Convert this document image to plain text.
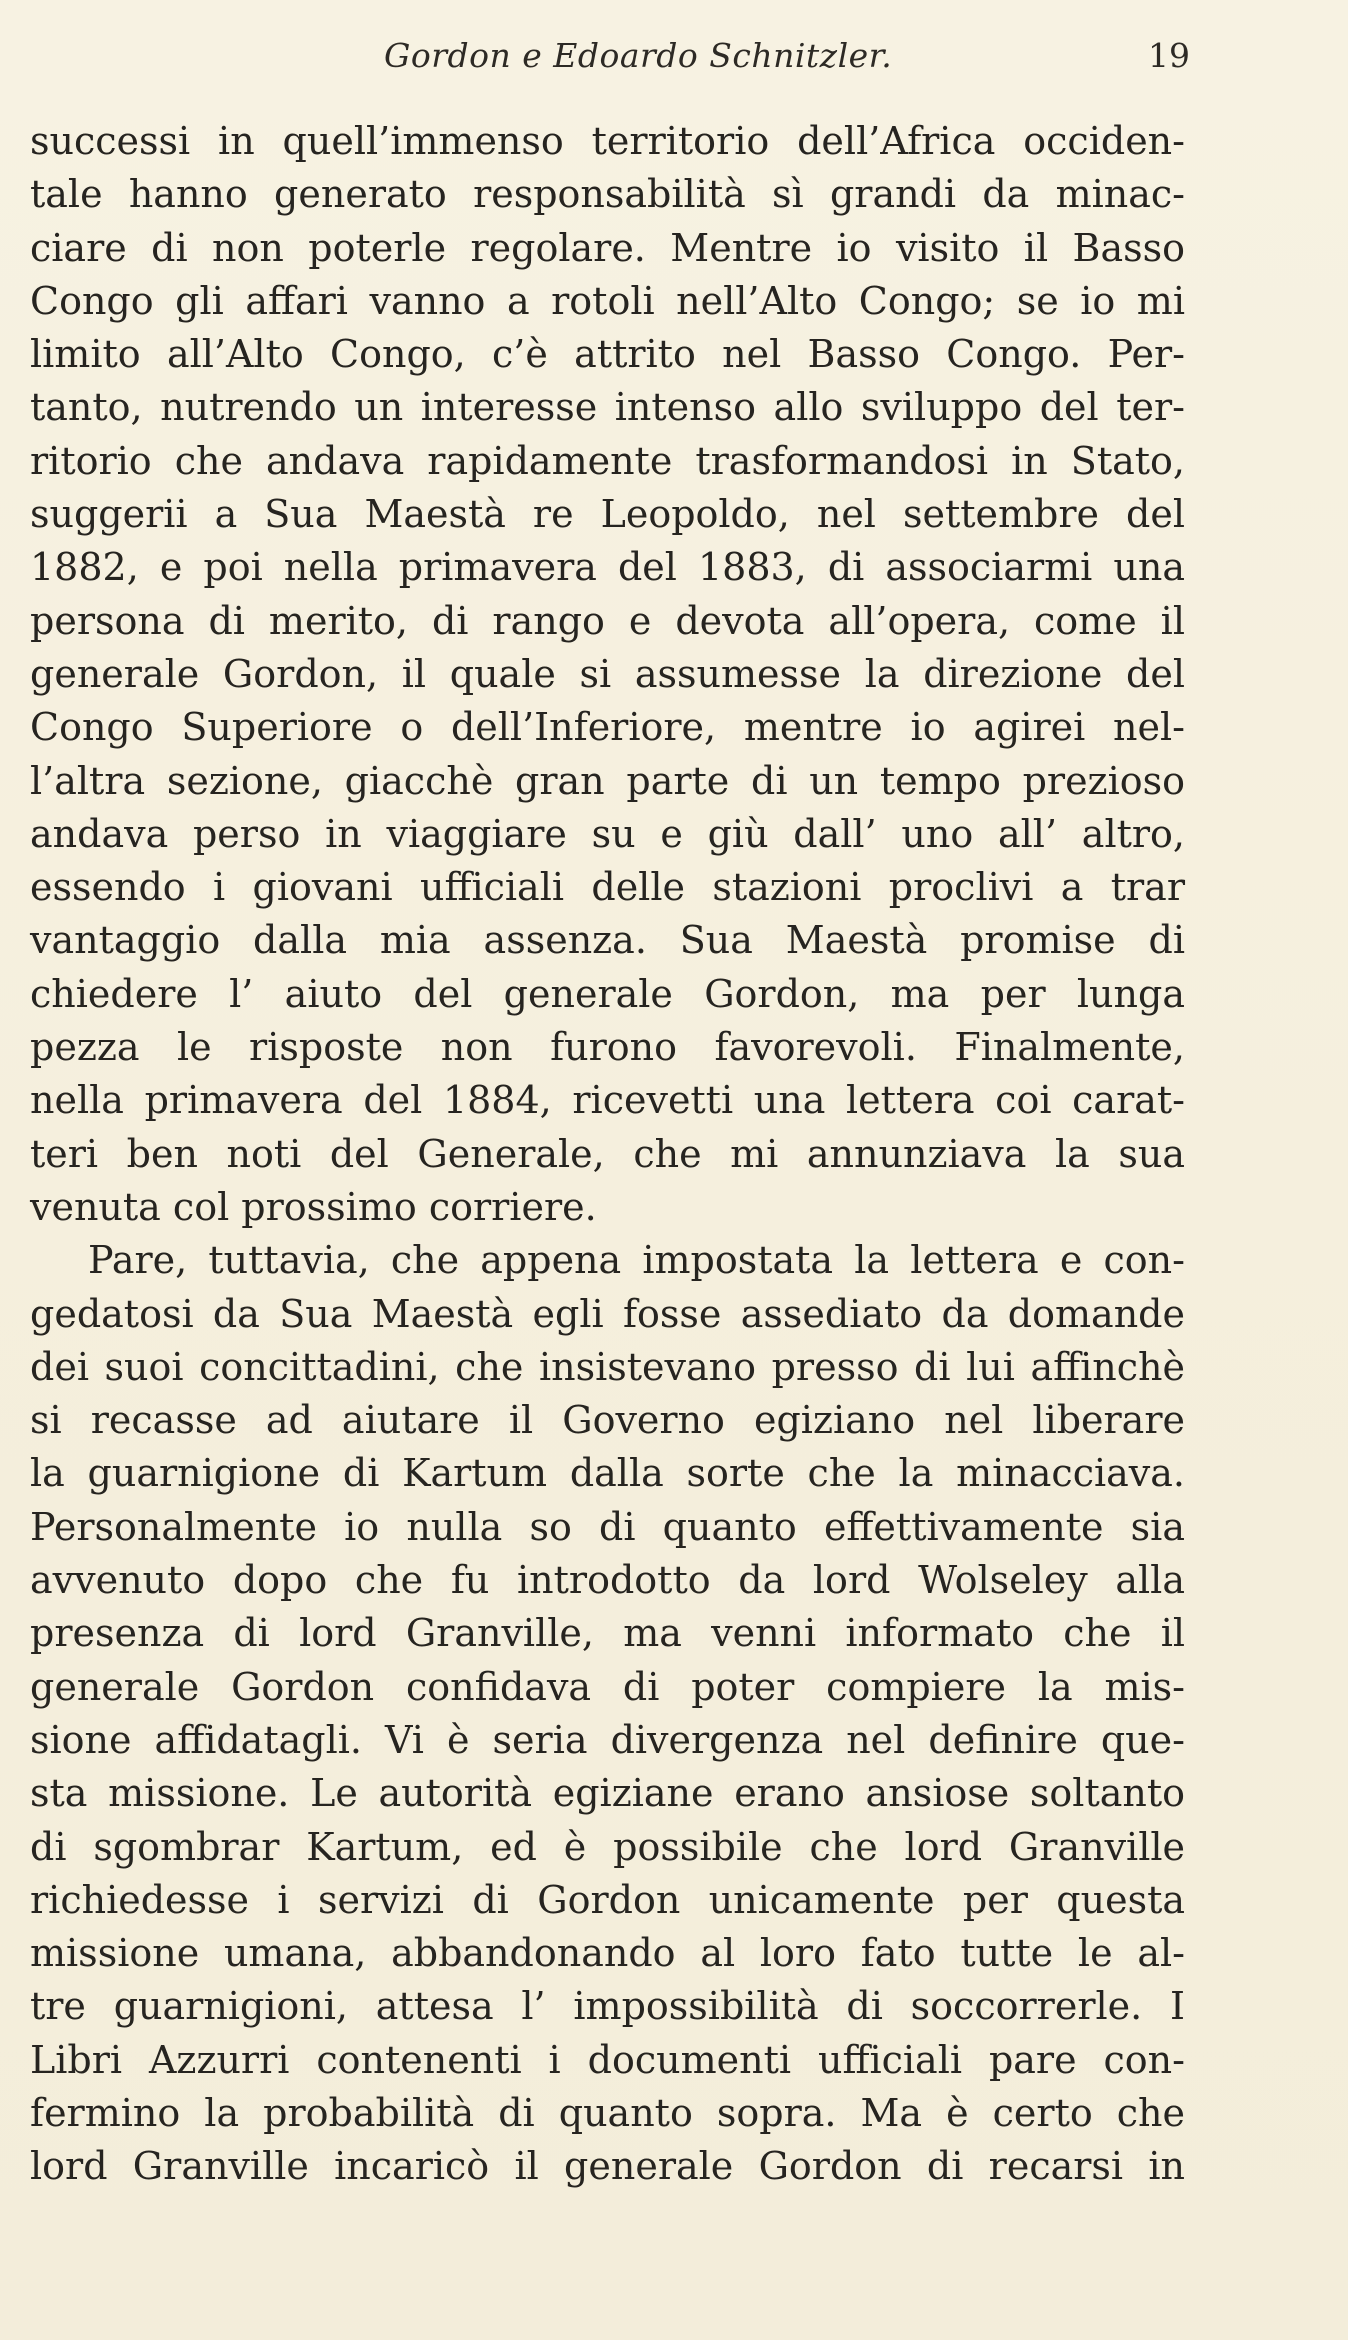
Gordon e Edoardo Schnitzler.	19
successi in quell’immenso territorio dell’Africa occiden-
tale hanno generato responsabilità sì grandi da minac-
ciare di non poterle regolare. Mentre io visito il Basso
Congo gli affari vanno a rotoli nell’Alto Congo; se io mi
limito all’Alto Congo, c’è attrito nel Basso Congo. Per-
tanto, nutrendo un interesse intenso allo sviluppo del ter-
ritorio che andava rapidamente trasformandosi in Stato,
suggerii a Sua Maestà re Leopoldo, nel settembre del
1882, e poi nella primavera del 1883, di associarmi una
persona di merito, di rango e devota all’opera, come il
generale Gordon, il quale si assumesse la direzione del
Congo Superiore o dell’Inferiore, mentre io agirei nel-
l’altra sezione, giacchè gran parte di un tempo prezioso
andava perso in viaggiare su e giù dall’ uno all’ altro,
essendo i giovani ufficiali delle stazioni proclivi a trar
vantaggio dalla mia assenza. Sua Maestà promise di
chiedere l’ aiuto del generale Gordon, ma per lunga
pezza le risposte non furono favorevoli. Finalmente,
nella primavera del 1884, ricevetti una lettera coi carat-
teri ben noti del Generale, che mi annunziava la sua
venuta col prossimo corriere.
Pare, tuttavia, che appena impostata la lettera e con-
gedatosi da Sua Maestà egli fosse assediato da domande
dei suoi concittadini, che insistevano presso di lui affinchè
si recasse ad aiutare il Governo egiziano nel liberare
la guarnigione di Kartum dalla sorte che la minacciava.
Personalmente io nulla so di quanto effettivamente sia
avvenuto dopo che fu introdotto da lord Wolseley alla
presenza di lord Granville, ma venni informato che il
generale Gordon confidava di poter compiere la mis-
sione affidatagli. Vi è seria divergenza nel definire que-
sta missione. Le autorità egiziane erano ansiose soltanto
di sgombrar Kartum, ed è possibile che lord Granville
richiedesse i servizi di Gordon unicamente per questa
missione umana, abbandonando al loro fato tutte le al-
tre guarnigioni, attesa l’ impossibilità di soccorrerle. I
Libri Azzurri contenenti i documenti ufficiali pare con-
fermino la probabilità di quanto sopra. Ma è certo che
lord Granville incaricò il generale Gordon di recarsi in
